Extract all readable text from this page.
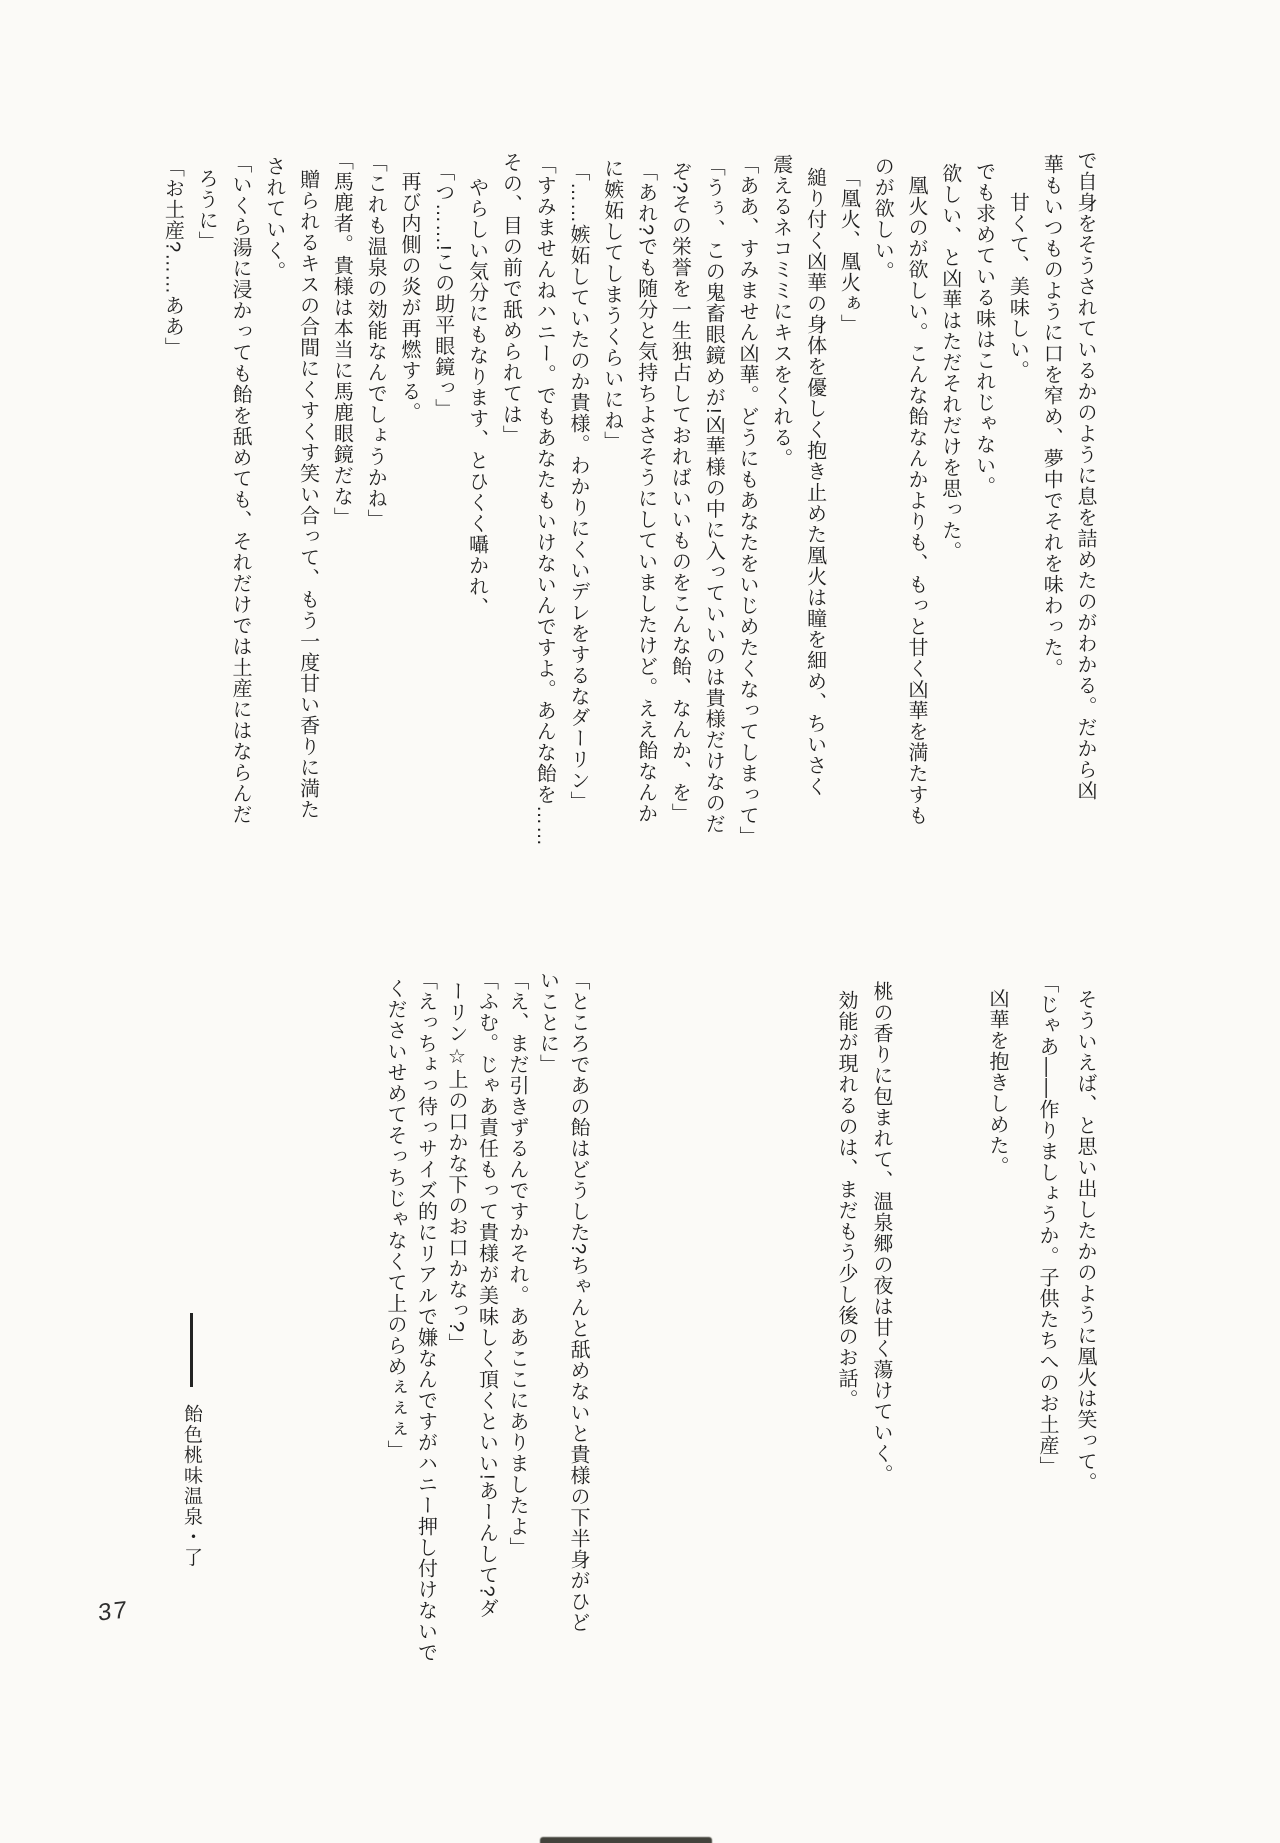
で自身をそうされているかのように息を詰めたのがわかる。だから凶
華もいつものように口を窄め、夢中でそれを味わった。
甘くて、美味しい。
でも求めている味はこれじゃない。
欲しい、と凶華はただそれだけを思った。
凰火のが欲しい。こんな飴なんかよりも、もっと甘く凶華を満たすも
のが欲しい。
「凰火、凰火ぁ」
縋り付く凶華の身体を優しく抱き止めた凰火は瞳を細め、ちいさく
震えるネコミミにキスをくれる。
「ああ、すみません凶華。どうにもあなたをいじめたくなってしまって」
「うぅ、この鬼畜眼鏡めが!凶華様の中に入っていいのは貴様だけなのだ
ぞ?その栄誉を一生独占しておればいいものをこんな飴、なんか、を」
「あれ?でも随分と気持ちよさそうにしていましたけど。ええ飴なんか
に嫉妬してしまうくらいにね」
「……嫉妬していたのか貴様。わかりにくいデレをするなダーリン」
「すみませんねハニー。でもあなたもいけないんですよ。あんな飴を……
その、目の前で舐められては」
やらしい気分にもなります、とひくく囁かれ、
「つ……!この助平眼鏡っ」
再び内側の炎が再燃する。
「これも温泉の効能なんでしょうかね」
「馬鹿者。貴様は本当に馬鹿眼鏡だな」
贈られるキスの合間にくすくす笑い合って、もう一度甘い香りに満た
されていく。
「いくら湯に浸かっても飴を舐めても、それだけでは土産にはならんだ
ろうに」
「お土産?……ああ」
そういえば、と思い出したかのように凰火は笑って。
「じゃあ――作りましょうか。子供たちへのお土産」
凶華を抱きしめた。
桃の香りに包まれて、温泉郷の夜は甘く蕩けていく。
効能が現れるのは、まだもう少し後のお話。
「ところであの飴はどうした?ちゃんと舐めないと貴様の下半身がひど
いことに」
「え、まだ引きずるんですかそれ。ああここにありましたよ」
「ふむ。じゃあ責任もって貴様が美味しく頂くといい!あーんして?ダ
ーリン☆上の口かな下のお口かなっ?」
「えっちょっ待っサイズ的にリアルで嫌なんですがハニー押し付けないで
くださいせめてそっちじゃなくて上のらめぇぇぇ」
飴色桃味温泉・了
37
